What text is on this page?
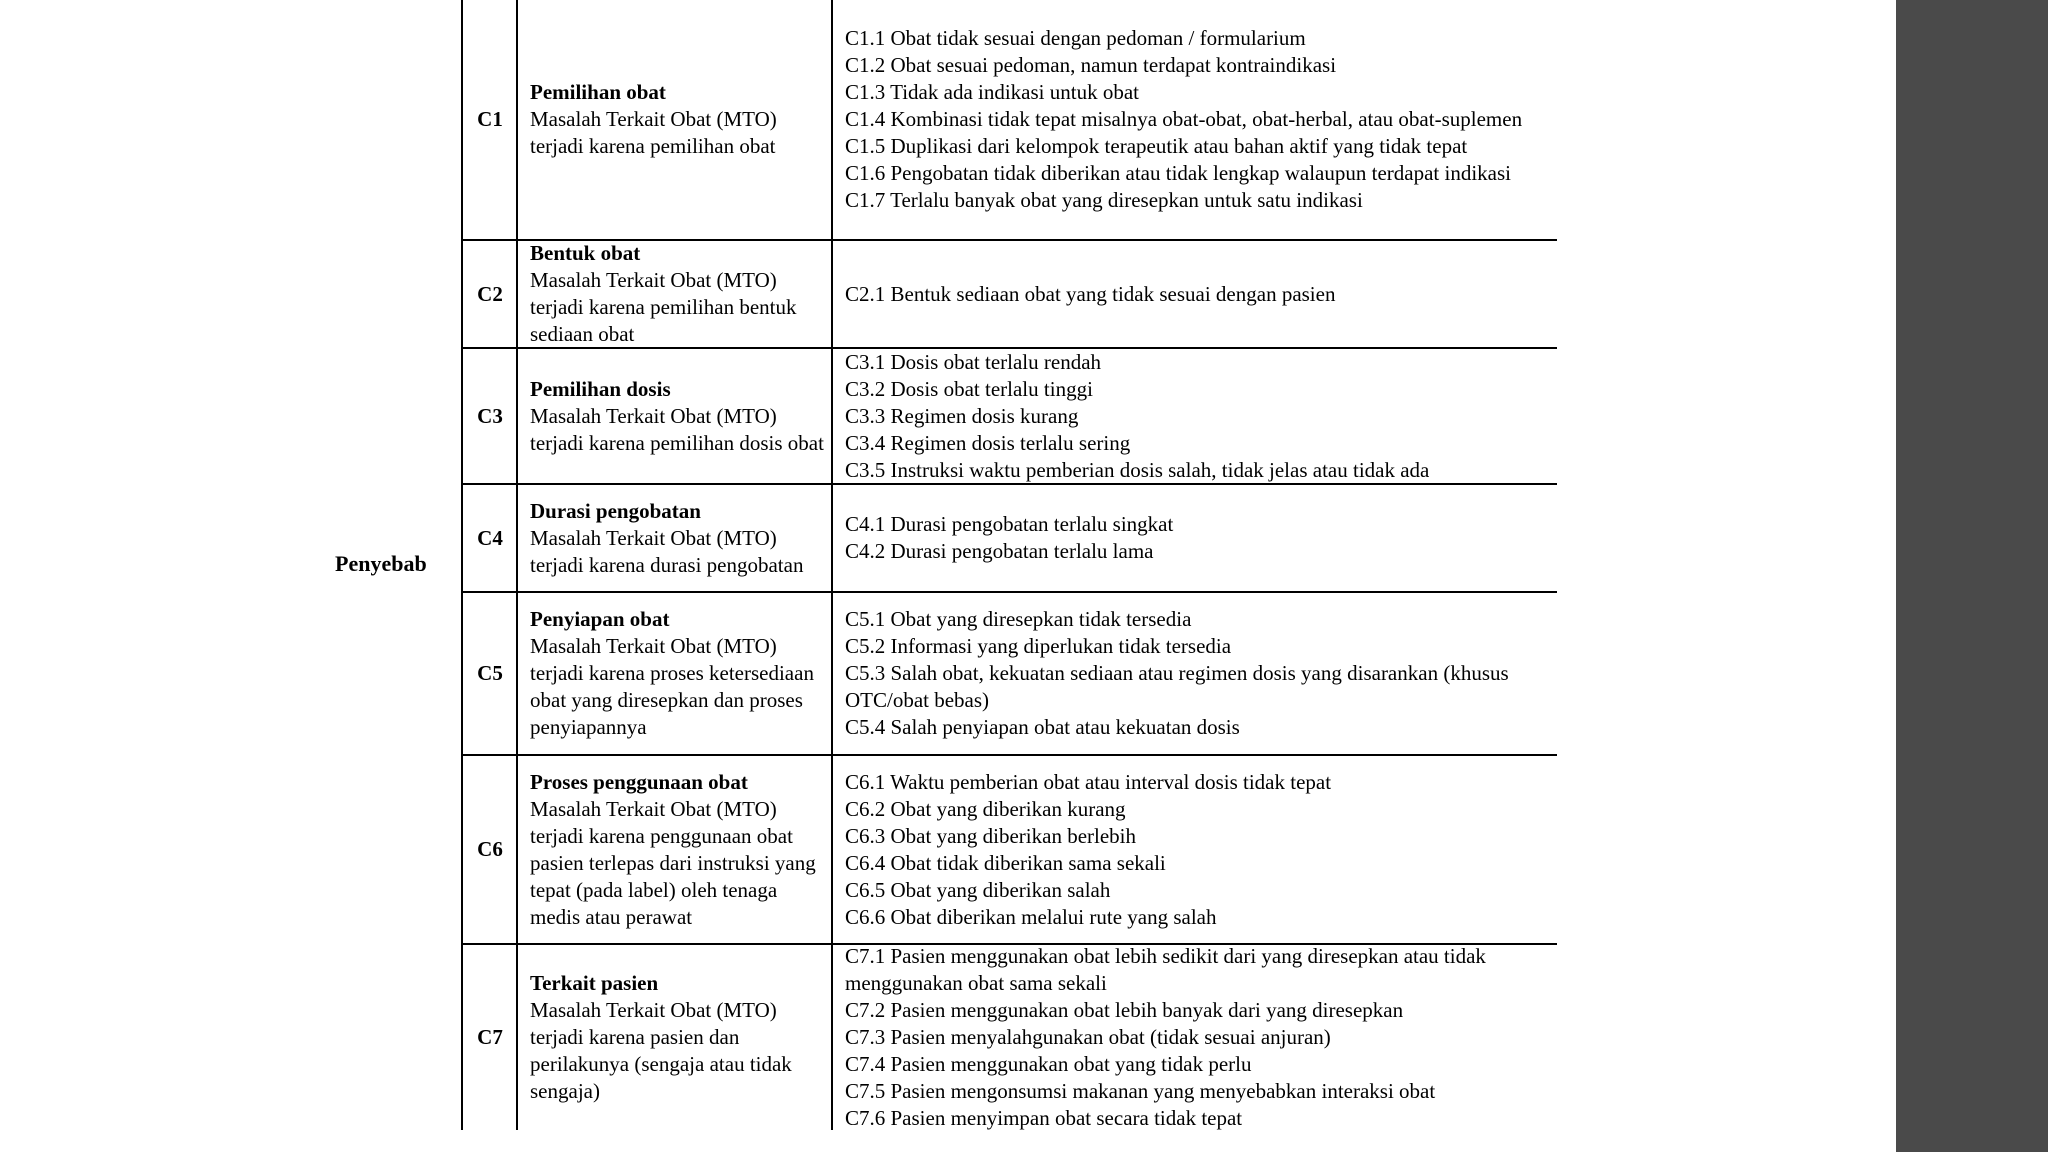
Penyebab
C1
Pemilihan obat
Masalah Terkait Obat (MTO) terjadi karena pemilihan obat
C1.1 Obat tidak sesuai dengan pedoman / formularium
C1.2 Obat sesuai pedoman, namun terdapat kontraindikasi
C1.3 Tidak ada indikasi untuk obat
C1.4 Kombinasi tidak tepat misalnya obat-obat, obat-herbal, atau obat-suplemen
C1.5 Duplikasi dari kelompok terapeutik atau bahan aktif yang tidak tepat
C1.6 Pengobatan tidak diberikan atau tidak lengkap walaupun terdapat indikasi
C1.7 Terlalu banyak obat yang diresepkan untuk satu indikasi
C2
Bentuk obat
Masalah Terkait Obat (MTO) terjadi karena pemilihan bentuk sediaan obat
C2.1 Bentuk sediaan obat yang tidak sesuai dengan pasien
C3
Pemilihan dosis
Masalah Terkait Obat (MTO) terjadi karena pemilihan dosis obat
C3.1 Dosis obat terlalu rendah
C3.2 Dosis obat terlalu tinggi
C3.3 Regimen dosis kurang
C3.4 Regimen dosis terlalu sering
C3.5 Instruksi waktu pemberian dosis salah, tidak jelas atau tidak ada
C4
Durasi pengobatan
Masalah Terkait Obat (MTO) terjadi karena durasi pengobatan
C4.1 Durasi pengobatan terlalu singkat
C4.2 Durasi pengobatan terlalu lama
C5
Penyiapan obat
Masalah Terkait Obat (MTO) terjadi karena proses ketersediaan obat yang diresepkan dan proses penyiapannya
C5.1 Obat yang diresepkan tidak tersedia
C5.2 Informasi yang diperlukan tidak tersedia
C5.3 Salah obat, kekuatan sediaan atau regimen dosis yang disarankan (khusus OTC/obat bebas)
C5.4 Salah penyiapan obat atau kekuatan dosis
C6
Proses penggunaan obat
Masalah Terkait Obat (MTO) terjadi karena penggunaan obat pasien terlepas dari instruksi yang tepat (pada label) oleh tenaga medis atau perawat
C6.1 Waktu pemberian obat atau interval dosis tidak tepat
C6.2 Obat yang diberikan kurang
C6.3 Obat yang diberikan berlebih
C6.4 Obat tidak diberikan sama sekali
C6.5 Obat yang diberikan salah
C6.6 Obat diberikan melalui rute yang salah
C7
Terkait pasien
Masalah Terkait Obat (MTO) terjadi karena pasien dan perilakunya (sengaja atau tidak sengaja)
C7.1 Pasien menggunakan obat lebih sedikit dari yang diresepkan atau tidak menggunakan obat sama sekali
C7.2 Pasien menggunakan obat lebih banyak dari yang diresepkan
C7.3 Pasien menyalahgunakan obat (tidak sesuai anjuran)
C7.4 Pasien menggunakan obat yang tidak perlu
C7.5 Pasien mengonsumsi makanan yang menyebabkan interaksi obat
C7.6 Pasien menyimpan obat secara tidak tepat
